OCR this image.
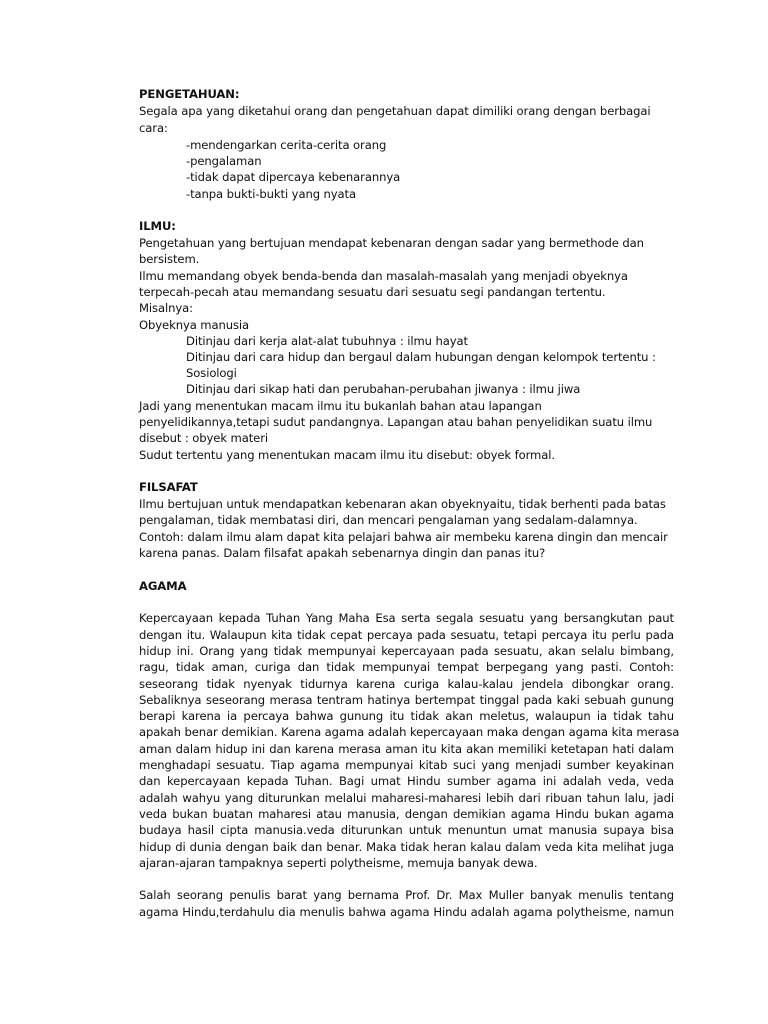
PENGETAHUAN:
Segala apa yang diketahui orang dan pengetahuan dapat dimiliki orang dengan berbagai
cara:
-mendengarkan cerita-cerita orang
-pengalaman
-tidak dapat dipercaya kebenarannya
-tanpa bukti-bukti yang nyata
ILMU:
Pengetahuan yang bertujuan mendapat kebenaran dengan sadar yang bermethode dan
bersistem.
Ilmu memandang obyek benda-benda dan masalah-masalah yang menjadi obyeknya
terpecah-pecah atau memandang sesuatu dari sesuatu segi pandangan tertentu.
Misalnya:
Obyeknya manusia
Ditinjau dari kerja alat-alat tubuhnya : ilmu hayat
Ditinjau dari cara hidup dan bergaul dalam hubungan dengan kelompok tertentu :
Sosiologi
Ditinjau dari sikap hati dan perubahan-perubahan jiwanya : ilmu jiwa
Jadi yang menentukan macam ilmu itu bukanlah bahan atau lapangan
penyelidikannya,tetapi sudut pandangnya. Lapangan atau bahan penyelidikan suatu ilmu
disebut : obyek materi
Sudut tertentu yang menentukan macam ilmu itu disebut: obyek formal.
FILSAFAT
Ilmu bertujuan untuk mendapatkan kebenaran akan obyeknyaitu, tidak berhenti pada batas
pengalaman, tidak membatasi diri, dan mencari pengalaman yang sedalam-dalamnya.
Contoh: dalam ilmu alam dapat kita pelajari bahwa air membeku karena dingin dan mencair
karena panas. Dalam filsafat apakah sebenarnya dingin dan panas itu?
AGAMA
Kepercayaan kepada Tuhan Yang Maha Esa serta segala sesuatu yang bersangkutan paut
dengan itu. Walaupun kita tidak cepat percaya pada sesuatu, tetapi percaya itu perlu pada
hidup ini. Orang yang tidak mempunyai kepercayaan pada sesuatu, akan selalu bimbang,
ragu, tidak aman, curiga dan tidak mempunyai tempat berpegang yang pasti. Contoh:
seseorang tidak nyenyak tidurnya karena curiga kalau-kalau jendela dibongkar orang.
Sebaliknya seseorang merasa tentram hatinya bertempat tinggal pada kaki sebuah gunung
berapi karena ia percaya bahwa gunung itu tidak akan meletus, walaupun ia tidak tahu
apakah benar demikian. Karena agama adalah kepercayaan maka dengan agama kita merasa
aman dalam hidup ini dan karena merasa aman itu kita akan memiliki ketetapan hati dalam
menghadapi sesuatu. Tiap agama mempunyai kitab suci yang menjadi sumber keyakinan
dan kepercayaan kepada Tuhan. Bagi umat Hindu sumber agama ini adalah veda, veda
adalah wahyu yang diturunkan melalui maharesi-maharesi lebih dari ribuan tahun lalu, jadi
veda bukan buatan maharesi atau manusia, dengan demikian agama Hindu bukan agama
budaya hasil cipta manusia.veda diturunkan untuk menuntun umat manusia supaya bisa
hidup di dunia dengan baik dan benar. Maka tidak heran kalau dalam veda kita melihat juga
ajaran-ajaran tampaknya seperti polytheisme, memuja banyak dewa.
Salah seorang penulis barat yang bernama Prof. Dr. Max Muller banyak menulis tentang
agama Hindu,terdahulu dia menulis bahwa agama Hindu adalah agama polytheisme, namun
